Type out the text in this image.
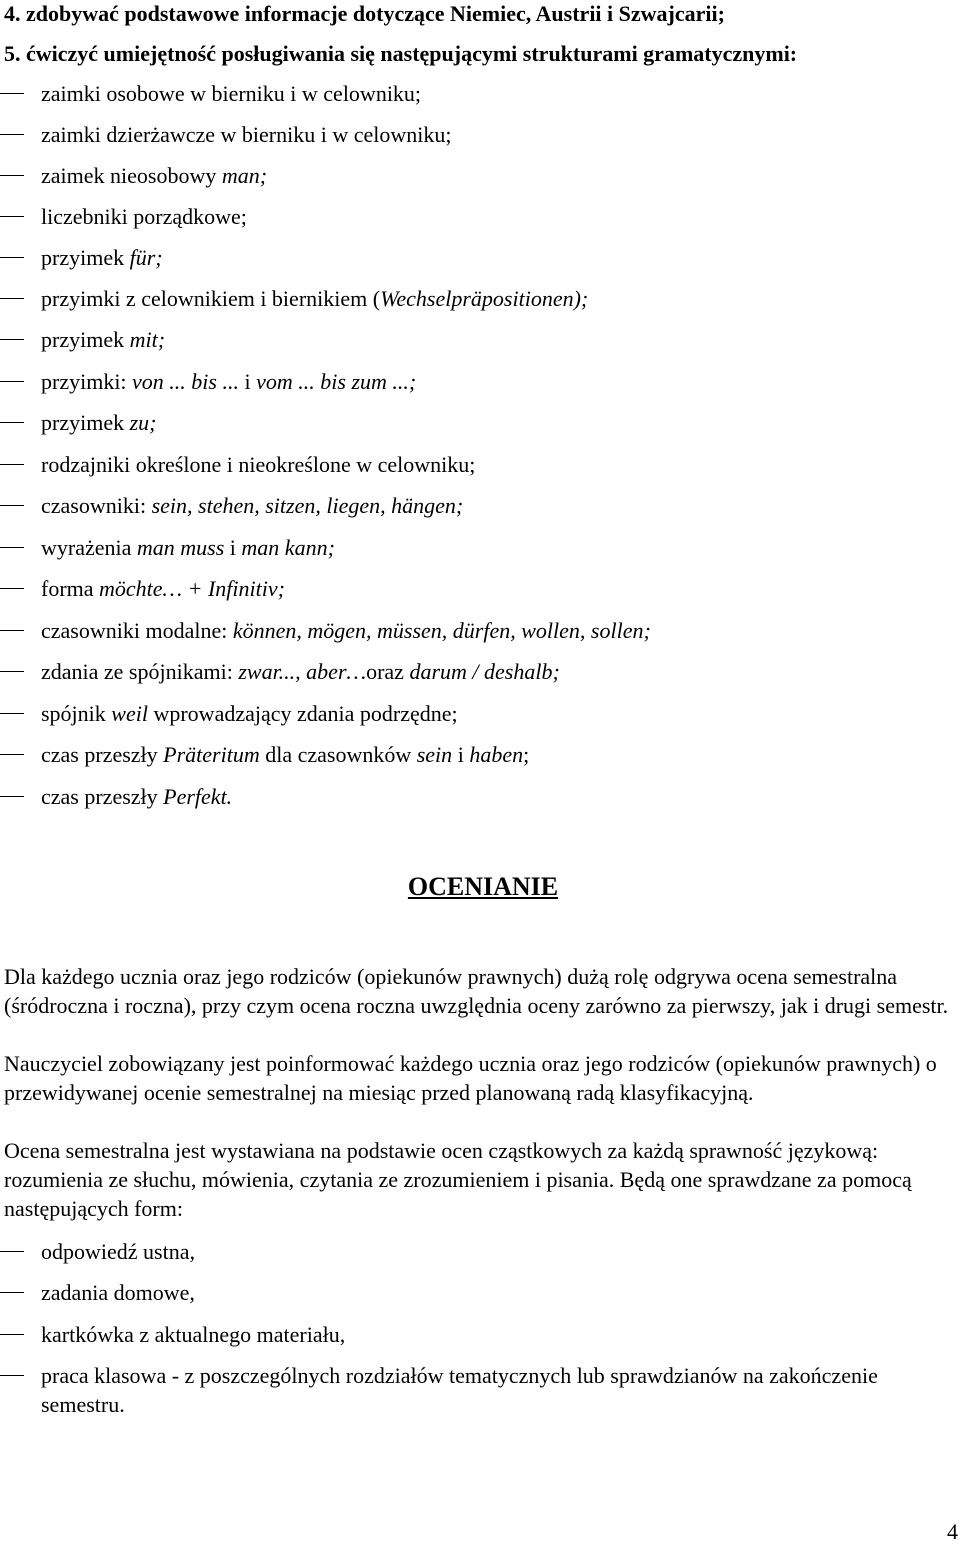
4. zdobywać podstawowe informacje dotyczące Niemiec, Austrii i Szwajcarii;
5. ćwiczyć umiejętność posługiwania się następującymi strukturami gramatycznymi:
zaimki osobowe w bierniku i w celowniku;
zaimki dzierżawcze w bierniku i w celowniku;
zaimek nieosobowy man;
liczebniki porządkowe;
przyimek für;
przyimki z celownikiem i biernikiem (Wechselpräpositionen);
przyimek mit;
przyimki: von ... bis ... i vom ... bis zum ...;
przyimek zu;
rodzajniki określone i nieokreślone w celowniku;
czasowniki: sein, stehen, sitzen, liegen, hängen;
wyrażenia man muss i man kann;
forma möchte… + Infinitiv;
czasowniki modalne: können, mögen, müssen, dürfen, wollen, sollen;
zdania ze spójnikami: zwar..., aber…oraz darum / deshalb;
spójnik weil wprowadzający zdania podrzędne;
czas przeszły Präteritum dla czasownków sein i haben;
czas przeszły Perfekt.
OCENIANIE
Dla każdego ucznia oraz jego rodziców (opiekunów prawnych) dużą rolę odgrywa ocena semestralna (śródroczna i roczna), przy czym ocena roczna uwzględnia oceny zarówno za pierwszy, jak i drugi semestr.
Nauczyciel zobowiązany jest poinformować każdego ucznia oraz jego rodziców (opiekunów prawnych) o przewidywanej ocenie semestralnej na miesiąc przed planowaną radą klasyfikacyjną.
Ocena semestralna jest wystawiana na podstawie ocen cząstkowych za każdą sprawność językową: rozumienia ze słuchu, mówienia, czytania ze zrozumieniem i pisania. Będą one sprawdzane za pomocą następujących form:
odpowiedź ustna,
zadania domowe,
kartkówka z aktualnego materiału,
praca klasowa - z poszczególnych rozdziałów tematycznych lub sprawdzianów na zakończenie semestru.
4
